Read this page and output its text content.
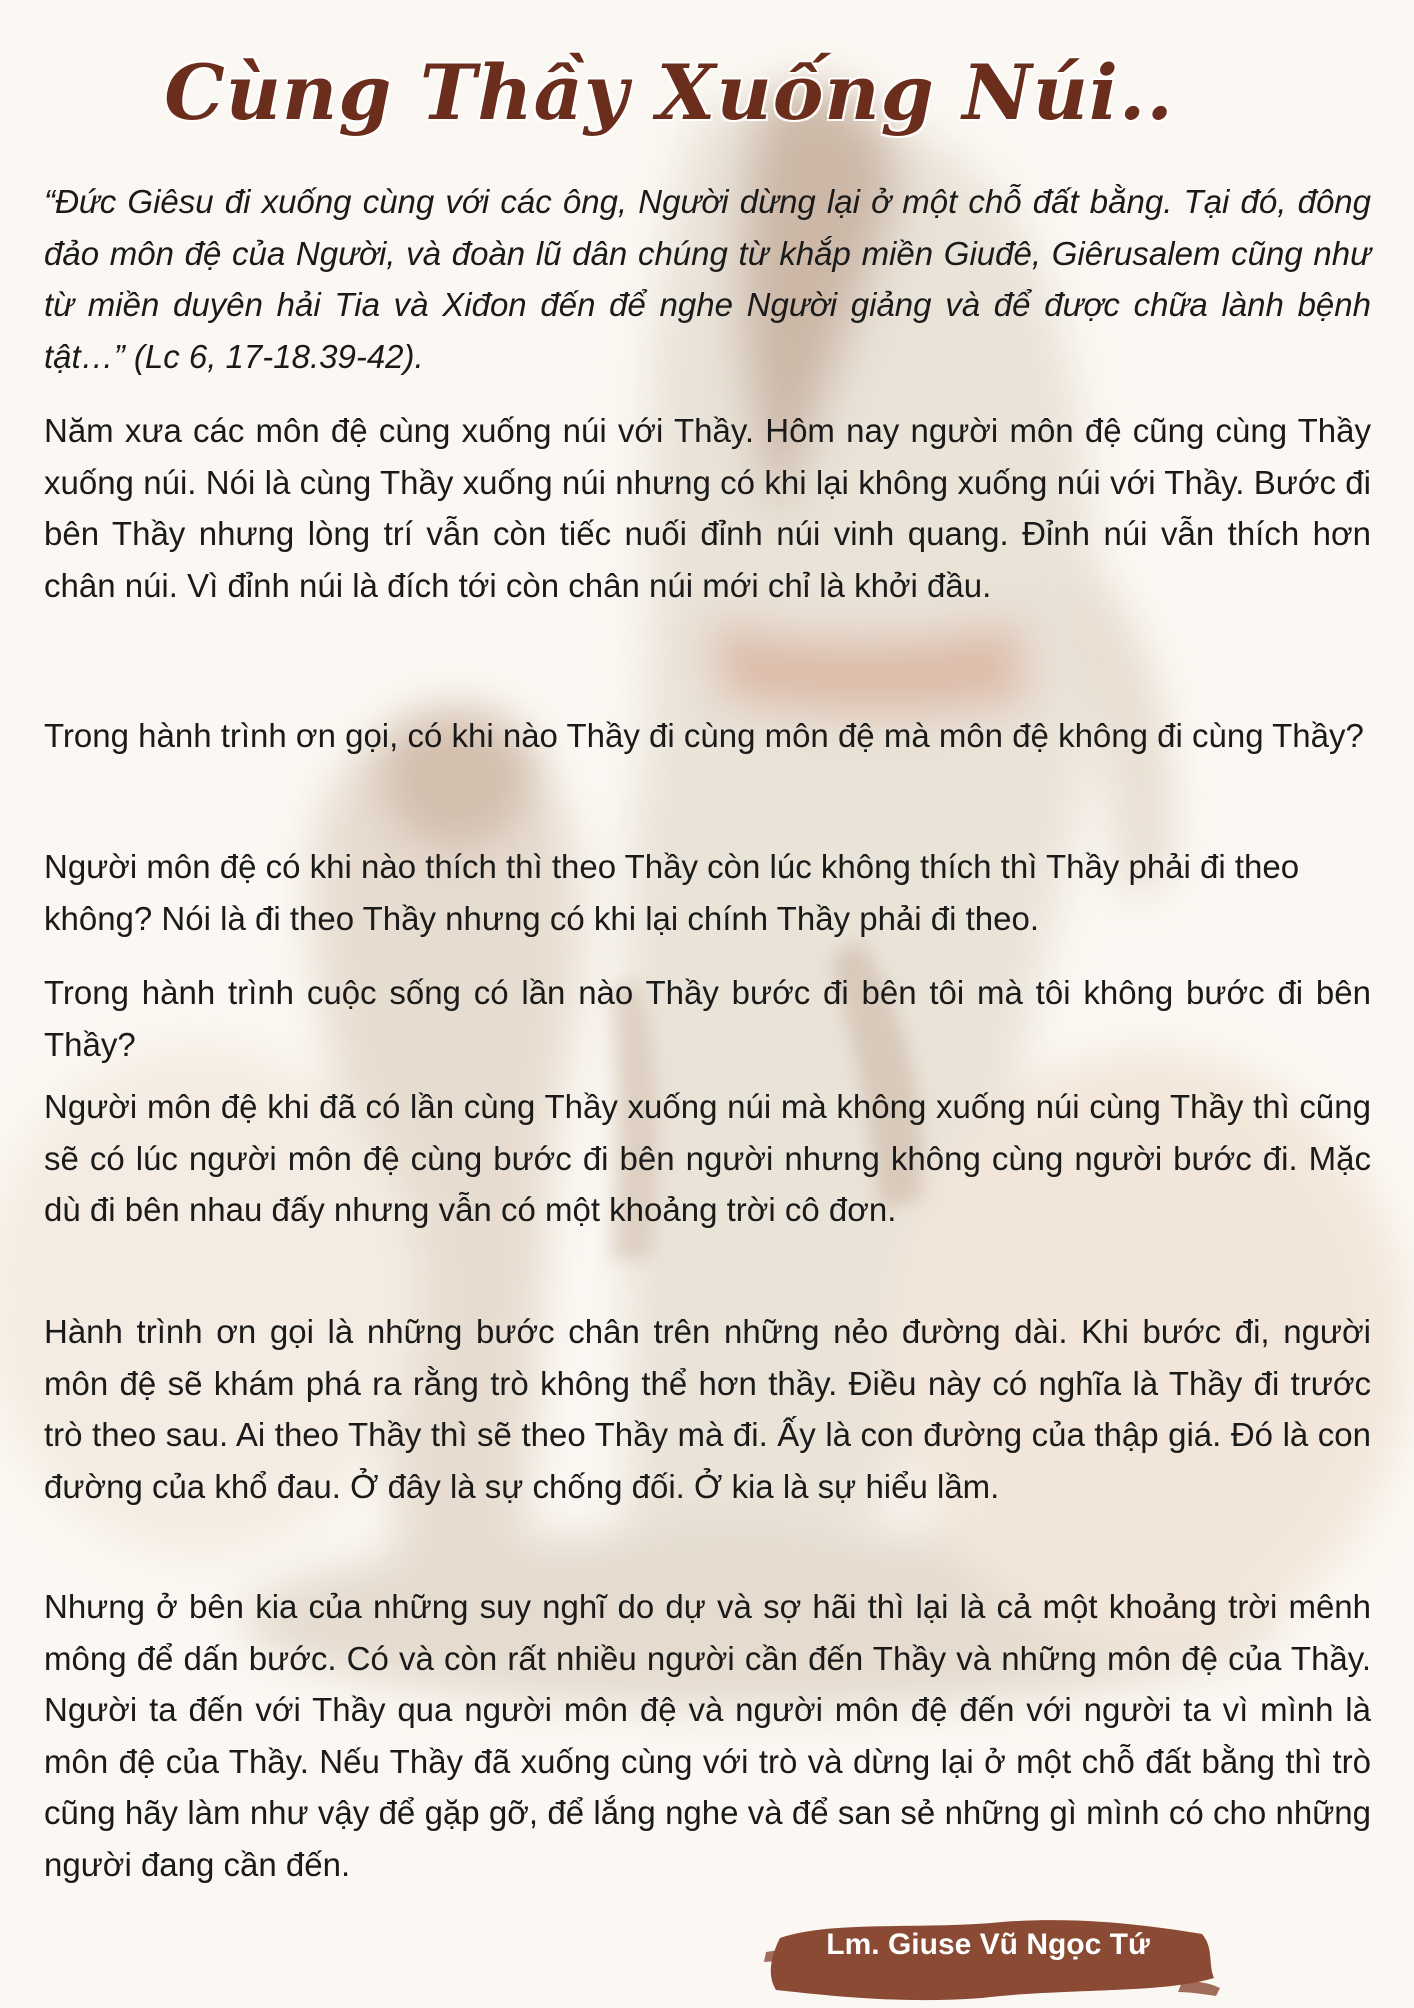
Cùng Thầy Xuống Núi..

“Đức Giêsu đi xuống cùng với các ông, Người dừng lại ở một chỗ đất bằng. Tại đó, đông đảo môn đệ của Người, và đoàn lũ dân chúng từ khắp miền Giuđê, Giêrusalem cũng như từ miền duyên hải Tia và Xiđon đến để nghe Người giảng và để được chữa lành bệnh tật…” (Lc 6, 17-18.39-42).

Năm xưa các môn đệ cùng xuống núi với Thầy. Hôm nay người môn đệ cũng cùng Thầy xuống núi. Nói là cùng Thầy xuống núi nhưng có khi lại không xuống núi với Thầy. Bước đi bên Thầy nhưng lòng trí vẫn còn tiếc nuối đỉnh núi vinh quang. Đỉnh núi vẫn thích hơn chân núi. Vì đỉnh núi là đích tới còn chân núi mới chỉ là khởi đầu.

Trong hành trình ơn gọi, có khi nào Thầy đi cùng môn đệ mà môn đệ không đi cùng Thầy?

Người môn đệ có khi nào thích thì theo Thầy còn lúc không thích thì Thầy phải đi theo không? Nói là đi theo Thầy nhưng có khi lại chính Thầy phải đi theo.

Trong hành trình cuộc sống có lần nào Thầy bước đi bên tôi mà tôi không bước đi bên Thầy?

Người môn đệ khi đã có lần cùng Thầy xuống núi mà không xuống núi cùng Thầy thì cũng sẽ có lúc người môn đệ cùng bước đi bên người nhưng không cùng người bước đi. Mặc dù đi bên nhau đấy nhưng vẫn có một khoảng trời cô đơn.

Hành trình ơn gọi là những bước chân trên những nẻo đường dài. Khi bước đi, người môn đệ sẽ khám phá ra rằng trò không thể hơn thầy. Điều này có nghĩa là Thầy đi trước trò theo sau. Ai theo Thầy thì sẽ theo Thầy mà đi. Ấy là con đường của thập giá. Đó là con đường của khổ đau. Ở đây là sự chống đối. Ở kia là sự hiểu lầm.

Nhưng ở bên kia của những suy nghĩ do dự và sợ hãi thì lại là cả một khoảng trời mênh mông để dấn bước. Có và còn rất nhiều người cần đến Thầy và những môn đệ của Thầy. Người ta đến với Thầy qua người môn đệ và người môn đệ đến với người ta vì mình là môn đệ của Thầy. Nếu Thầy đã xuống cùng với trò và dừng lại ở một chỗ đất bằng thì trò cũng hãy làm như vậy để gặp gỡ, để lắng nghe và để san sẻ những gì mình có cho những người đang cần đến.

Lm. Giuse Vũ Ngọc Tứ
